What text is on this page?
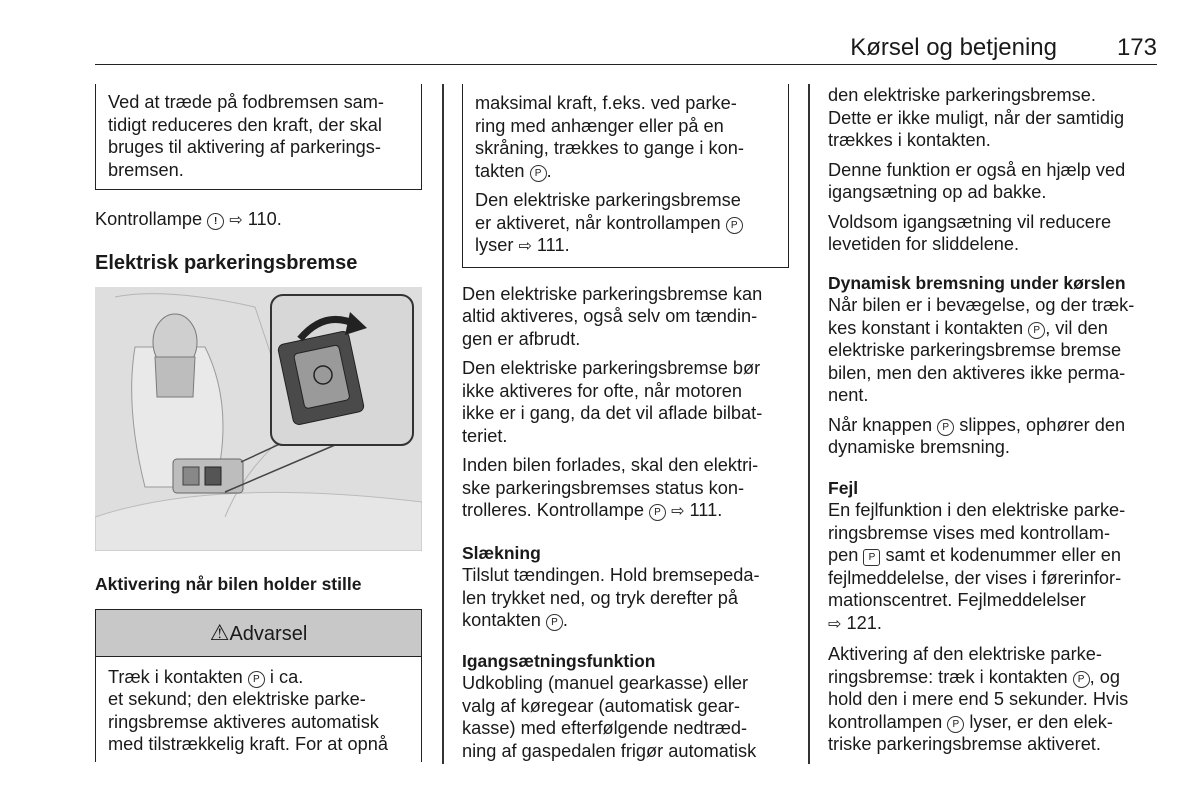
Kørsel og betjening 173

Ved at træde på fodbremsen sam-

tidigt reduceres den kraft, der skal

bruges til aktivering af parkerings-

bremsen.

Kontrollampe ! ⇨ 110.

Elektrisk parkeringsbremse

Aktivering når bilen holder stille

⚠Advarsel

Træk i kontakten P i ca.

et sekund; den elektriske parke-

ringsbremse aktiveres automatisk

med tilstrækkelig kraft. For at opnå

maksimal kraft, f.eks. ved parke-

ring med anhænger eller på en

skråning, trækkes to gange i kon-

takten P .

Den elektriske parkeringsbremse

er aktiveret, når kontrollampen P

lyser ⇨ 111.

Den elektriske parkeringsbremse kan

altid aktiveres, også selv om tændin-

gen er afbrudt.

Den elektriske parkeringsbremse bør

ikke aktiveres for ofte, når motoren

ikke er i gang, da det vil aflade bilbat-

teriet.

Inden bilen forlades, skal den elektri-

ske parkeringsbremses status kon-

trolleres. Kontrollampe P ⇨ 111.

Slækning

Tilslut tændingen. Hold bremsepeda-

len trykket ned, og tryk derefter på

kontakten P .

Igangsætningsfunktion

Udkobling (manuel gearkasse) eller

valg af køregear (automatisk gear-

kasse) med efterfølgende nedtræd-

ning af gaspedalen frigør automatisk

den elektriske parkeringsbremse.

Dette er ikke muligt, når der samtidig

trækkes i kontakten.

Denne funktion er også en hjælp ved

igangsætning op ad bakke.

Voldsom igangsætning vil reducere

levetiden for sliddelene.

Dynamisk bremsning under kørslen

Når bilen er i bevægelse, og der træk-

kes konstant i kontakten P , vil den

elektriske parkeringsbremse bremse

bilen, men den aktiveres ikke perma-

nent.

Når knappen P slippes, ophører den

dynamiske bremsning.

Fejl

En fejlfunktion i den elektriske parke-

ringsbremse vises med kontrollam-

pen P samt et kodenummer eller en

fejlmeddelelse, der vises i førerinfor-

mationscentret. Fejlmeddelelser

⇨ 121.

Aktivering af den elektriske parke-

ringsbremse: træk i kontakten P , og

hold den i mere end 5 sekunder. Hvis

kontrollampen P lyser, er den elek-

triske parkeringsbremse aktiveret.
